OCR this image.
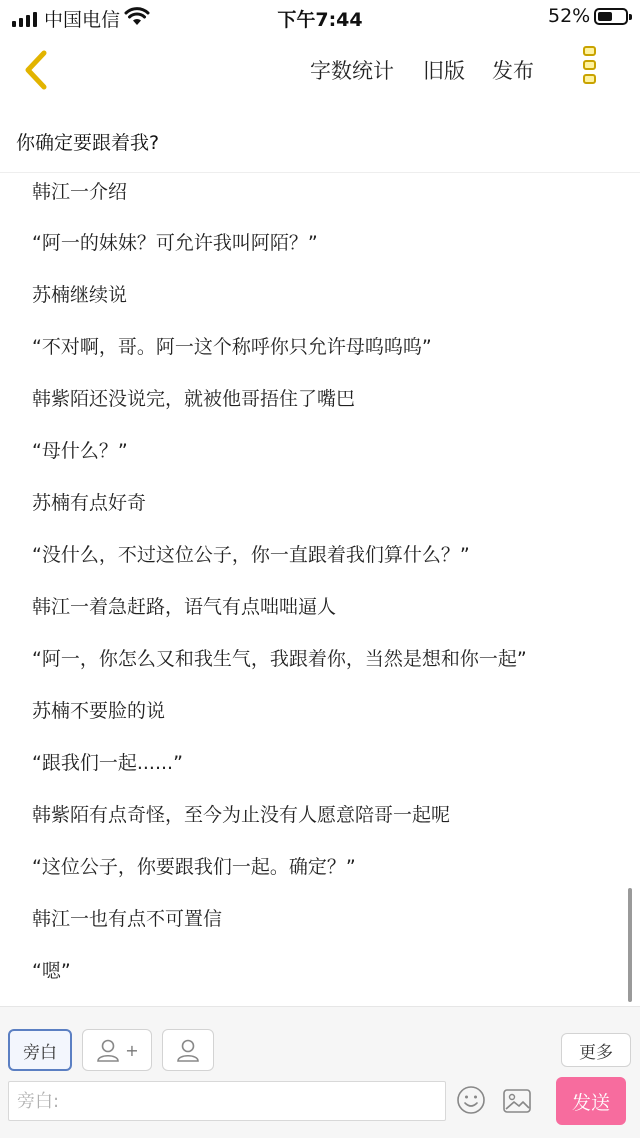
中国电信	下午7:44	52%
字数统计 旧版 发布
你确定要跟着我?
韩江一介绍
“阿一的妹妹？可允许我叫阿陌？”
苏楠继续说
“不对啊，哥。阿一这个称呼你只允许母呜呜呜”
韩紫陌还没说完，就被他哥捂住了嘴巴
“母什么？”
苏楠有点好奇
“没什么，不过这位公子，你一直跟着我们算什么？”
韩江一着急赶路，语气有点咄咄逼人
“阿一，你怎么又和我生气，我跟着你，当然是想和你一起”
苏楠不要脸的说
“跟我们一起......”
韩紫陌有点奇怪，至今为止没有人愿意陪哥一起呢
“这位公子，你要跟我们一起。确定？”
韩江一也有点不可置信
“嗯”
旁白	+	更多
旁白:
发送
